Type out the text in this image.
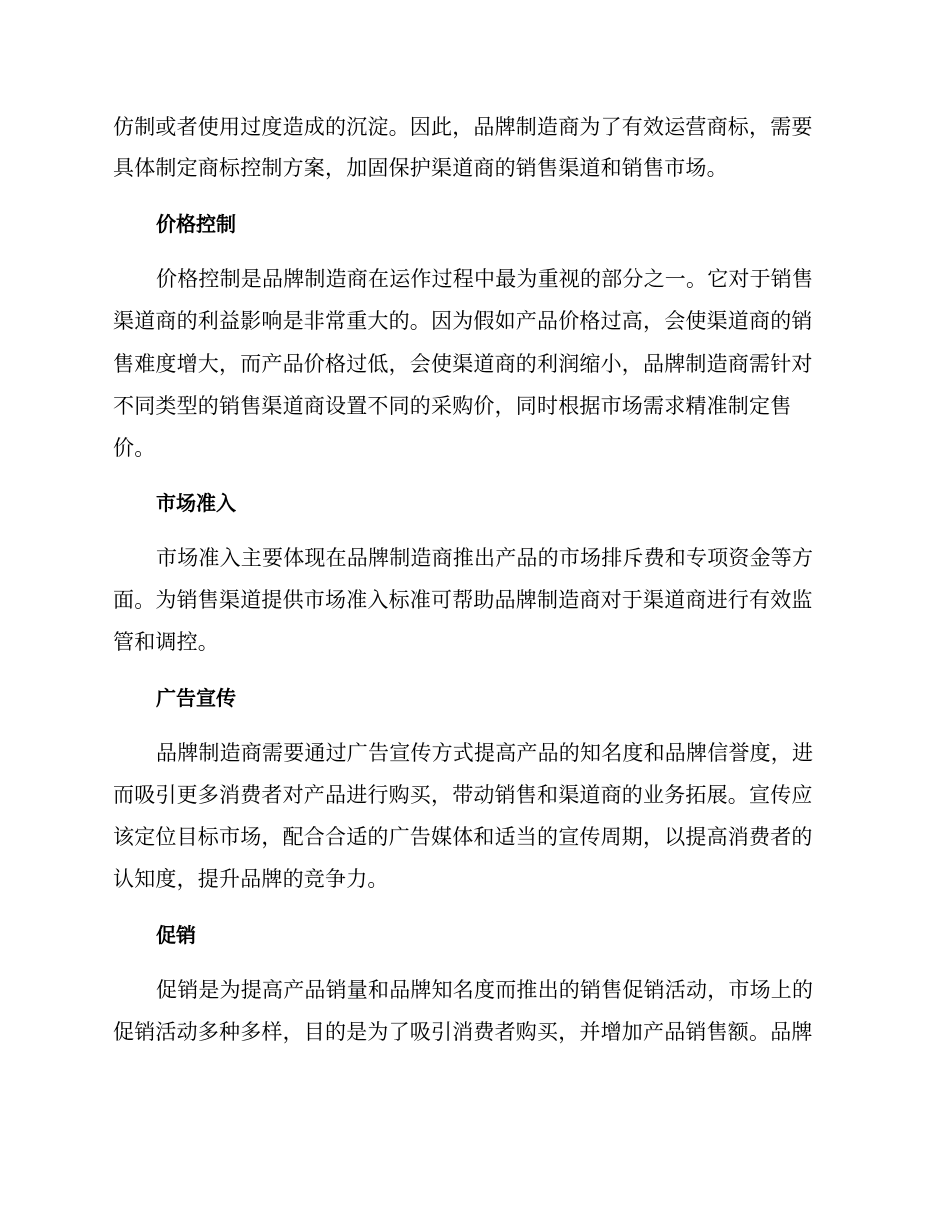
仿制或者使用过度造成的沉淀。因此，品牌制造商为了有效运营商标，需要
具体制定商标控制方案，加固保护渠道商的销售渠道和销售市场。
价格控制
价格控制是品牌制造商在运作过程中最为重视的部分之一。它对于销售
渠道商的利益影响是非常重大的。因为假如产品价格过高，会使渠道商的销
售难度增大，而产品价格过低，会使渠道商的利润缩小，品牌制造商需针对
不同类型的销售渠道商设置不同的采购价，同时根据市场需求精准制定售
价。
市场准入
市场准入主要体现在品牌制造商推出产品的市场排斥费和专项资金等方
面。为销售渠道提供市场准入标准可帮助品牌制造商对于渠道商进行有效监
管和调控。
广告宣传
品牌制造商需要通过广告宣传方式提高产品的知名度和品牌信誉度，进
而吸引更多消费者对产品进行购买，带动销售和渠道商的业务拓展。宣传应
该定位目标市场，配合合适的广告媒体和适当的宣传周期，以提高消费者的
认知度，提升品牌的竞争力。
促销
促销是为提高产品销量和品牌知名度而推出的销售促销活动，市场上的
促销活动多种多样，目的是为了吸引消费者购买，并增加产品销售额。品牌
